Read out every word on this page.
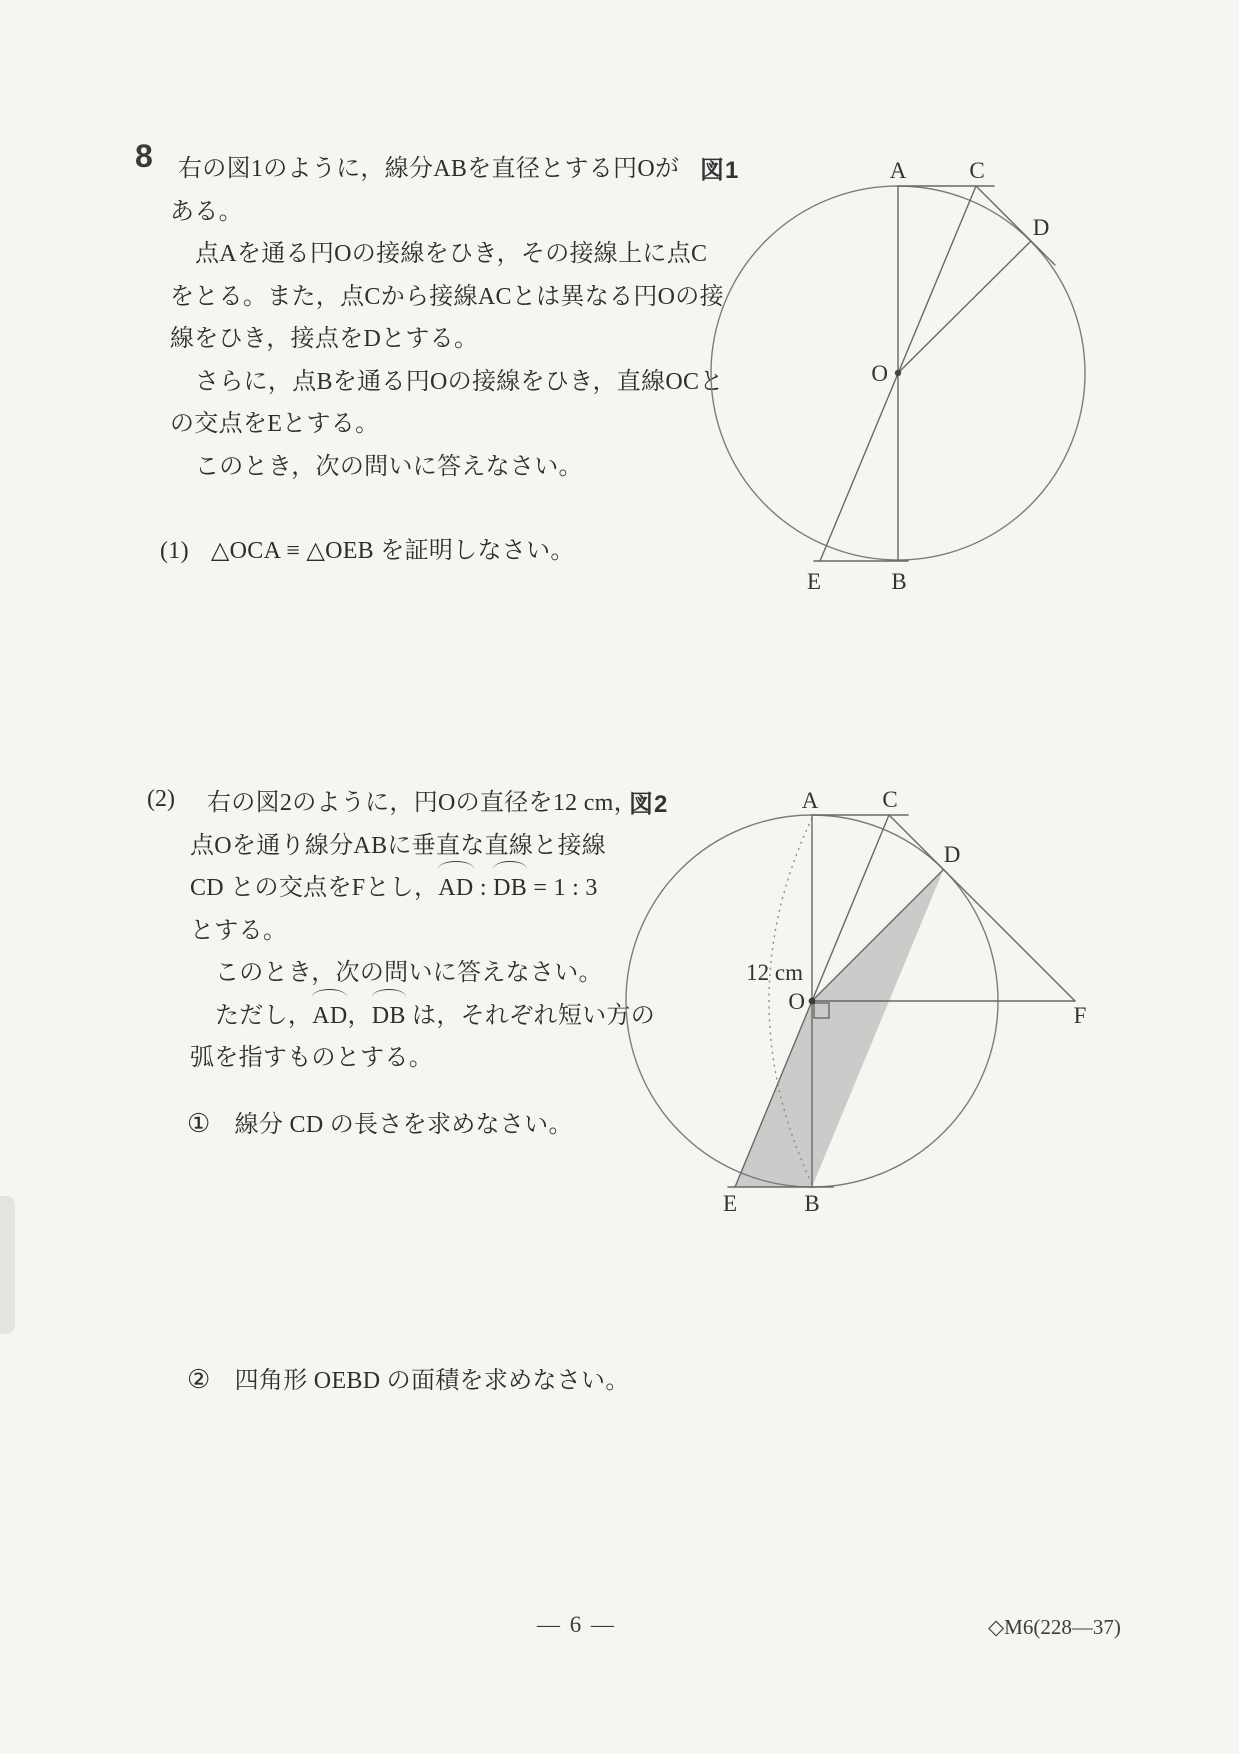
8	右の図1のように，線分ABを直径とする円Oが
ある。
点Aを通る円Oの接線をひき，その接線上に点C
をとる。また，点Cから接線ACとは異なる円Oの接
線をひき，接点をDとする。
さらに，点Bを通る円Oの接線をひき，直線OCと
の交点をEとする。
このとき，次の問いに答えなさい。
(1) △OCA ≡ △OEB を証明しなさい。
図1	A	C
D
O
E	B
(2)	右の図2のように，円Oの直径を12 cm，
点Oを通り線分ABに垂直な直線と接線
CD との交点をFとし，AD : DB = 1 : 3
とする。
このとき，次の問いに答えなさい。
ただし，AD，DB は，それぞれ短い方の
弧を指すものとする。
① 線分 CD の長さを求めなさい。
② 四角形 OEBD の面積を求めなさい。
図2	A	C
D
O
12 cm
E	B
F
— 6 —	◇M6(228—37)
